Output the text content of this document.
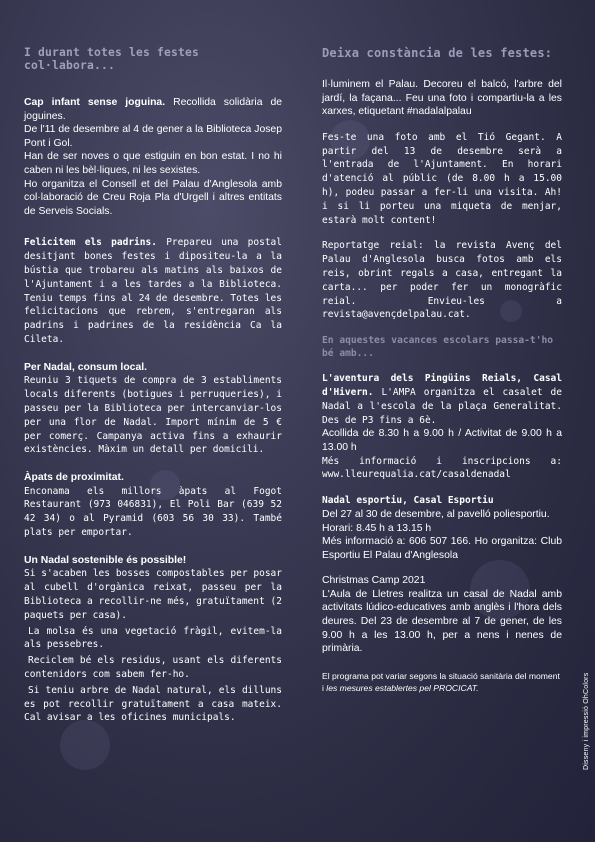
I durant totes les festes col·labora...

Cap infant sense joguina. Recollida solidària de joguines.

De l'11 de desembre al 4 de gener a la Biblioteca Josep Pont i Gol.

Han de ser noves o que estiguin en bon estat. I no hi caben ni les bèl·liques, ni les sexistes.

Ho organitza el Consell et del Palau d'Anglesola amb col·laboració de Creu Roja Pla d'Urgell i altres entitats de Serveis Socials.

Felicitem els padrins. Prepareu una postal desitjant bones festes i dipositeu-la a la bústia que trobareu als matins als baixos de l'Ajuntament i a les tardes a la Biblioteca. Teniu temps fins al 24 de desembre. Totes les felicitacions que rebrem, s'entregaran als padrins i padrines de la residència Ca la Cileta.

Per Nadal, consum local.

Reuniu 3 tiquets de compra de 3 establiments locals diferents (botigues i perruqueries), i passeu per la Biblioteca per intercanviar-los per una flor de Nadal. Import mínim de 5 € per comerç. Campanya activa fins a exhaurir existències. Màxim un detall per domicili.

Àpats de proximitat.

Enconama els millors àpats al Fogot Restaurant (973 046831), El Poli Bar (639 52 42 34) o al Pyramid (603 56 30 33). També plats per emportar.

Un Nadal sostenible és possible!

Si s'acaben les bosses compostables per posar al cubell d'orgànica reixat, passeu per la Biblioteca a recollir-ne més, gratuïtament (2 paquets per casa).

La molsa és una vegetació fràgil, evitem-la als pessebres.

Reciclem bé els residus, usant els diferents contenidors com sabem fer-ho.

Si teniu arbre de Nadal natural, els dilluns es pot recollir gratuïtament a casa mateix. Cal avisar a les oficines municipals.

Deixa constància de les festes:

Il·luminem el Palau. Decoreu el balcó, l'arbre del jardí, la façana... Feu una foto i compartiu-la a les xarxes, etiquetant #nadalalpalau

Fes-te una foto amb el Tió Gegant. A partir del 13 de desembre serà a l'entrada de l'Ajuntament. En horari d'atenció al públic (de 8.00 h a 15.00 h), podeu passar a fer-li una visita. Ah! i si li porteu una miqueta de menjar, estarà molt content!

Reportatge reial: la revista Avenç del Palau d'Anglesola busca fotos amb els reis, obrint regals a casa, entregant la carta... per poder fer un monogràfic reial. Envieu-les a revista@avençdelpalau.cat.

En aquestes vacances escolars passa-t'ho bé amb...

L'aventura dels Pingüins Reials, Casal d'Hivern. L'AMPA organitza el casalet de Nadal a l'escola de la plaça Generalitat. Des de P3 fins a 6è.

Acollida de 8.30 h a 9.00 h / Activitat de 9.00 h a 13.00 h

Més informació i inscripcions a: www.lleurequalia.cat/casaldenadal

Nadal esportiu, Casal Esportiu

Del 27 al 30 de desembre, al pavelló poliesportiu.

Horari: 8.45 h a 13.15 h

Més informació a: 606 507 166. Ho organitza: Club Esportiu El Palau d'Anglesola

Christmas Camp 2021

L'Aula de Lletres realitza un casal de Nadal amb activitats lúdico-educatives amb anglès i l'hora dels deures. Del 23 de desembre al 7 de gener, de les 9.00 h a les 13.00 h, per a nens i nenes de primària.

El programa pot variar segons la situació sanitària del moment i les mesures establertes pel PROCICAT.	Disseny i impressió OhColors
